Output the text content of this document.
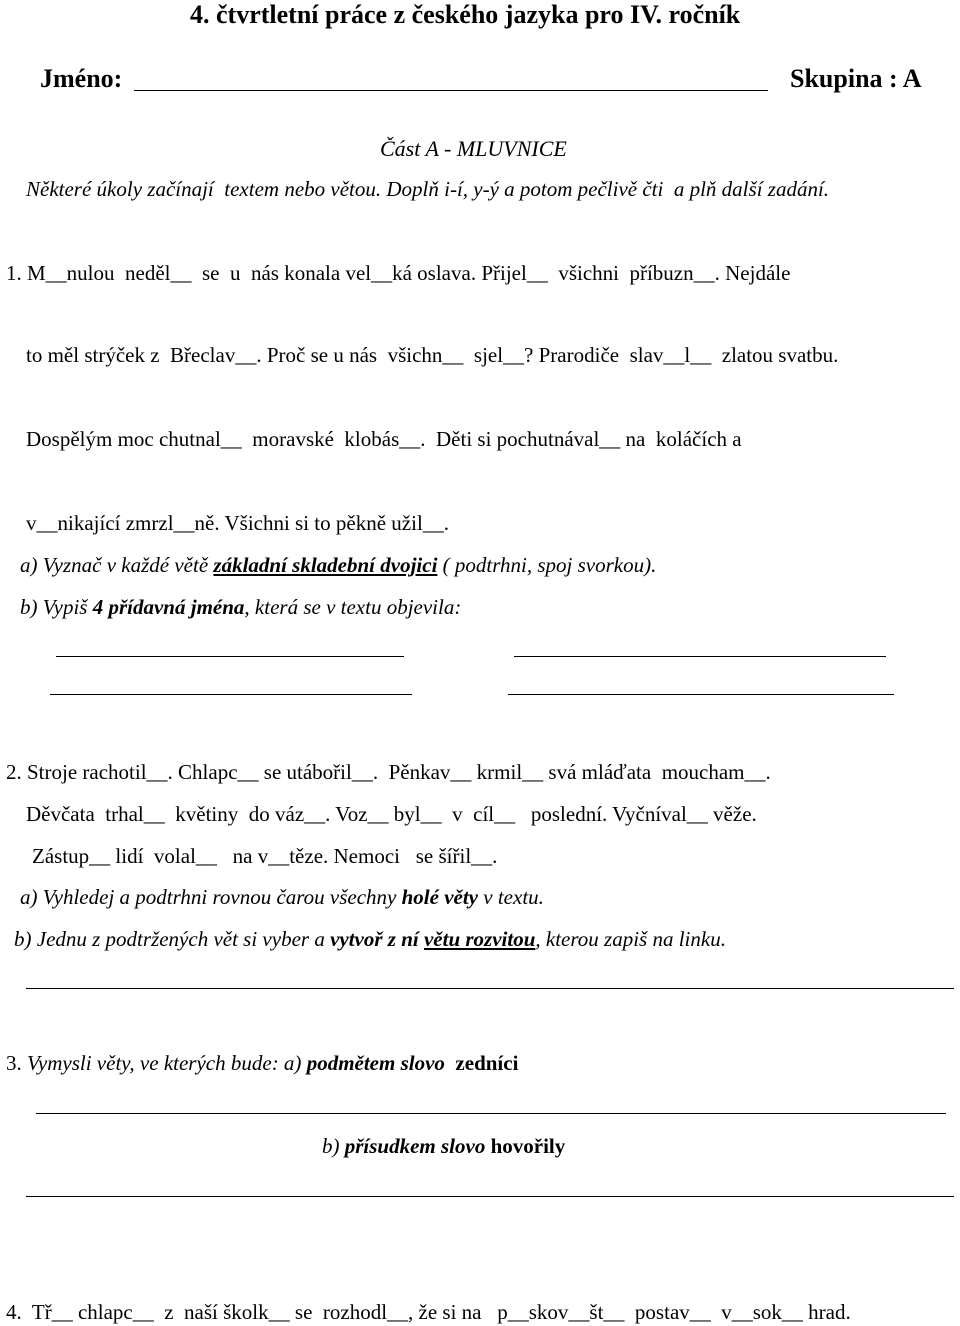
4. čtvrtletní práce z českého jazyka pro IV. ročník
Jméno:	Skupina : A
Část A - MLUVNICE
Některé úkoly začínají  textem nebo větou. Doplň i-í, y-ý a potom pečlivě čti  a plň další zadání.
1. M__nulou  neděl__  se  u  nás konala vel__ká oslava. Přijel__  všichni  příbuzn__. Nejdále
to měl strýček z  Břeclav__. Proč se u nás  všichn__  sjel__? Prarodiče  slav__l__  zlatou svatbu.
Dospělým moc chutnal__  moravské  klobás__.  Děti si pochutnával__ na  koláčích a
v__nikající zmrzl__ně. Všichni si to pěkně užil__.
a) Vyznač v každé větě základní skladební dvojici ( podtrhni, spoj svorkou).
b) Vypiš 4 přídavná jména, která se v textu objevila:
2. Stroje rachotil__. Chlapc__ se utábořil__.  Pěnkav__ krmil__ svá mláďata  moucham__.
Děvčata  trhal__  květiny  do váz__. Voz__ byl__  v  cíl__   poslední. Vyčníval__ věže.
Zástup__ lidí  volal__   na v__těze. Nemoci   se šířil__.
a) Vyhledej a podtrhni rovnou čarou všechny holé věty v textu.
b) Jednu z podtržených vět si vyber a vytvoř z ní větu rozvitou, kterou zapiš na linku.
3. Vymysli věty, ve kterých bude: a) podmětem slovo  zedníci
b) přísudkem slovo hovořily
4.  Tř__ chlapc__  z  naší školk__ se  rozhodl__, že si na   p__skov__št__  postav__  v__sok__ hrad.
